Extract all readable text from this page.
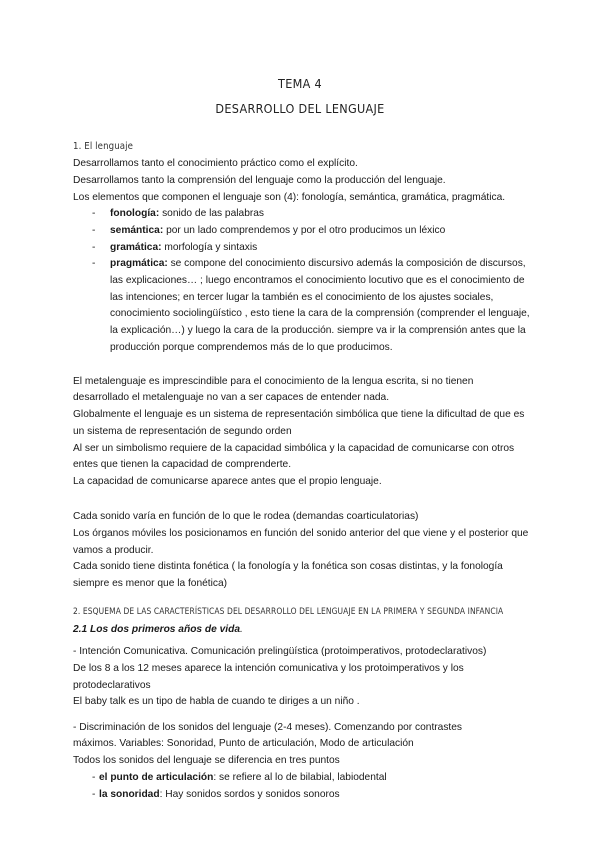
TEMA 4
DESARROLLO DEL LENGUAJE
1. El lenguaje
Desarrollamos tanto el conocimiento práctico como el explícito.
Desarrollamos tanto la comprensión del lenguaje como la producción del lenguaje.
Los elementos que componen el lenguaje son (4): fonología, semántica, gramática, pragmática.
- fonología: sonido de las palabras
- semántica: por un lado comprendemos y por el otro producimos un léxico
- gramática: morfología y sintaxis
- pragmática: se compone del conocimiento discursivo además la composición de discursos,
las explicaciones… ; luego encontramos el conocimiento locutivo que es el conocimiento de
las intenciones; en tercer lugar la también es el conocimiento de los ajustes sociales,
conocimiento sociolingüístico , esto tiene la cara de la comprensión (comprender el lenguaje,
la explicación…) y luego la cara de la producción. siempre va ir la comprensión antes que la
producción porque comprendemos más de lo que producimos.
El metalenguaje es imprescindible para el conocimiento de la lengua escrita, si no tienen
desarrollado el metalenguaje no van a ser capaces de entender nada.
Globalmente el lenguaje es un sistema de representación simbólica que tiene la dificultad de que es
un sistema de representación de segundo orden
Al ser un simbolismo requiere de la capacidad simbólica y la capacidad de comunicarse con otros
entes que tienen la capacidad de comprenderte.
La capacidad de comunicarse aparece antes que el propio lenguaje.
Cada sonido varía en función de lo que le rodea (demandas coarticulatorias)
Los órganos móviles los posicionamos en función del sonido anterior del que viene y el posterior que
vamos a producir.
Cada sonido tiene distinta fonética ( la fonología y la fonética son cosas distintas, y la fonología
siempre es menor que la fonética)
2. ESQUEMA DE LAS CARACTERÍSTICAS DEL DESARROLLO DEL LENGUAJE EN LA PRIMERA Y SEGUNDA INFANCIA
2.1 Los dos primeros años de vida.
- Intención Comunicativa. Comunicación prelingüística (protoimperativos, protodeclarativos)
De los 8 a los 12 meses aparece la intención comunicativa y los protoimperativos y los
protodeclarativos
El baby talk es un tipo de habla de cuando te diriges a un niño .
- Discriminación de los sonidos del lenguaje (2-4 meses). Comenzando por contrastes
máximos. Variables: Sonoridad, Punto de articulación, Modo de articulación
Todos los sonidos del lenguaje se diferencia en tres puntos
- el punto de articulación: se refiere al lo de bilabial, labiodental
- la sonoridad: Hay sonidos sordos y sonidos sonoros
